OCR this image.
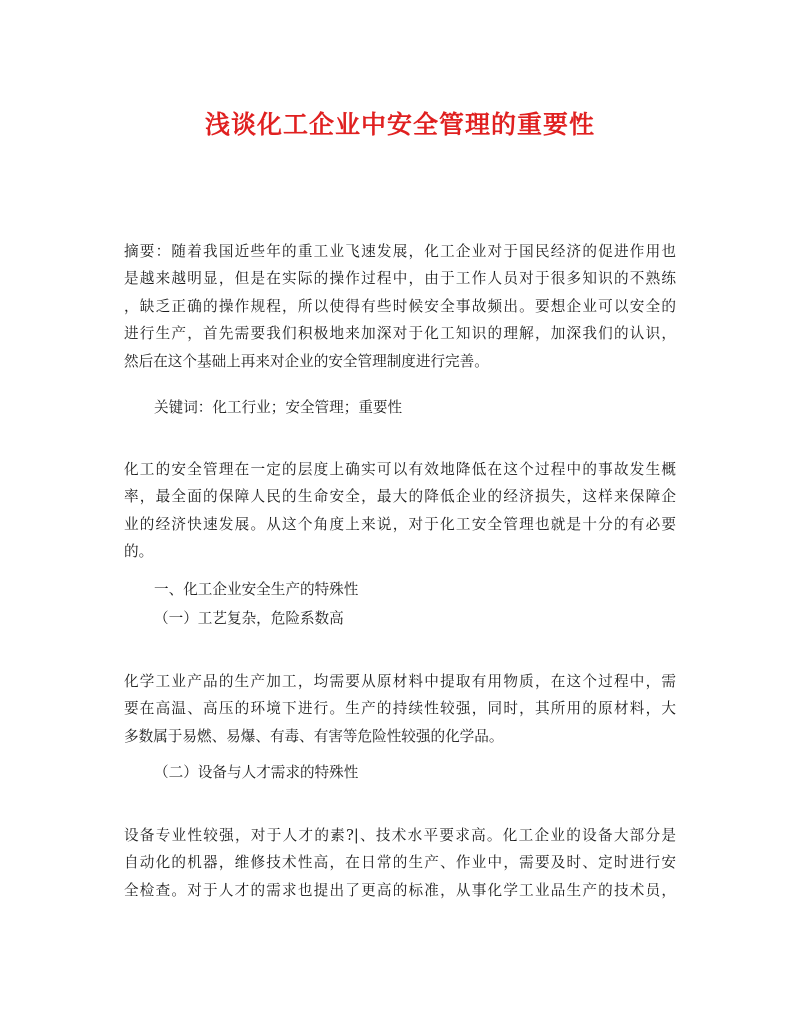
浅谈化工企业中安全管理的重要性
摘要：随着我国近些年的重工业飞速发展，化工企业对于国民经济的促进作用也
是越来越明显，但是在实际的操作过程中，由于工作人员对于很多知识的不熟练
，缺乏正确的操作规程，所以使得有些时候安全事故频出。要想企业可以安全的
进行生产，首先需要我们积极地来加深对于化工知识的理解，加深我们的认识，
然后在这个基础上再来对企业的安全管理制度进行完善。

关键词：化工行业；安全管理；重要性

化工的安全管理在一定的层度上确实可以有效地降低在这个过程中的事故发生概
率，最全面的保障人民的生命安全，最大的降低企业的经济损失，这样来保障企
业的经济快速发展。从这个角度上来说，对于化工安全管理也就是十分的有必要
的。

一、化工企业安全生产的特殊性

（一）工艺复杂，危险系数高

化学工业产品的生产加工，均需要从原材料中提取有用物质，在这个过程中，需
要在高温、高压的环境下进行。生产的持续性较强，同时，其所用的原材料，大
多数属于易燃、易爆、有毒、有害等危险性较强的化学品。

（二）设备与人才需求的特殊性

设备专业性较强，对于人才的素?|、技术水平要求高。化工企业的设备大部分是
自动化的机器，维修技术性高，在日常的生产、作业中，需要及时、定时进行安
全检查。对于人才的需求也提出了更高的标准，从事化学工业品生产的技术员，
